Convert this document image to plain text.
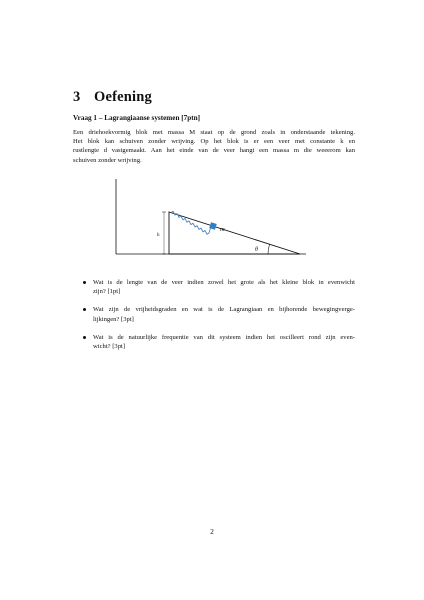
3 Oefening

Vraag 1 – Lagrangiaanse systemen [7ptn]

Een driehoekvormig blok met massa M staat op de grond zoals in onderstaande tekening.
Het blok kan schuiven zonder wrijving. Op het blok is er een veer met constante k en
rustlengte d vastgemaakt. Aan het einde van de veer hangt een massa m die weeerom kan
schuiven zonder wrijving.

h
m
θ
Wat is de lengte van de veer indien zowel het grote als het kleine blok in evenwicht
zijn? [1pt]
Wat zijn de vrijheidsgraden en wat is de Lagrangiaan en bijhorende bewegingverge-
lijkingen? [3pt]
Wat is de natuurlijke frequentie van dit systeem indien het oscilleert rond zijn even-
wicht? [3pt]
2
